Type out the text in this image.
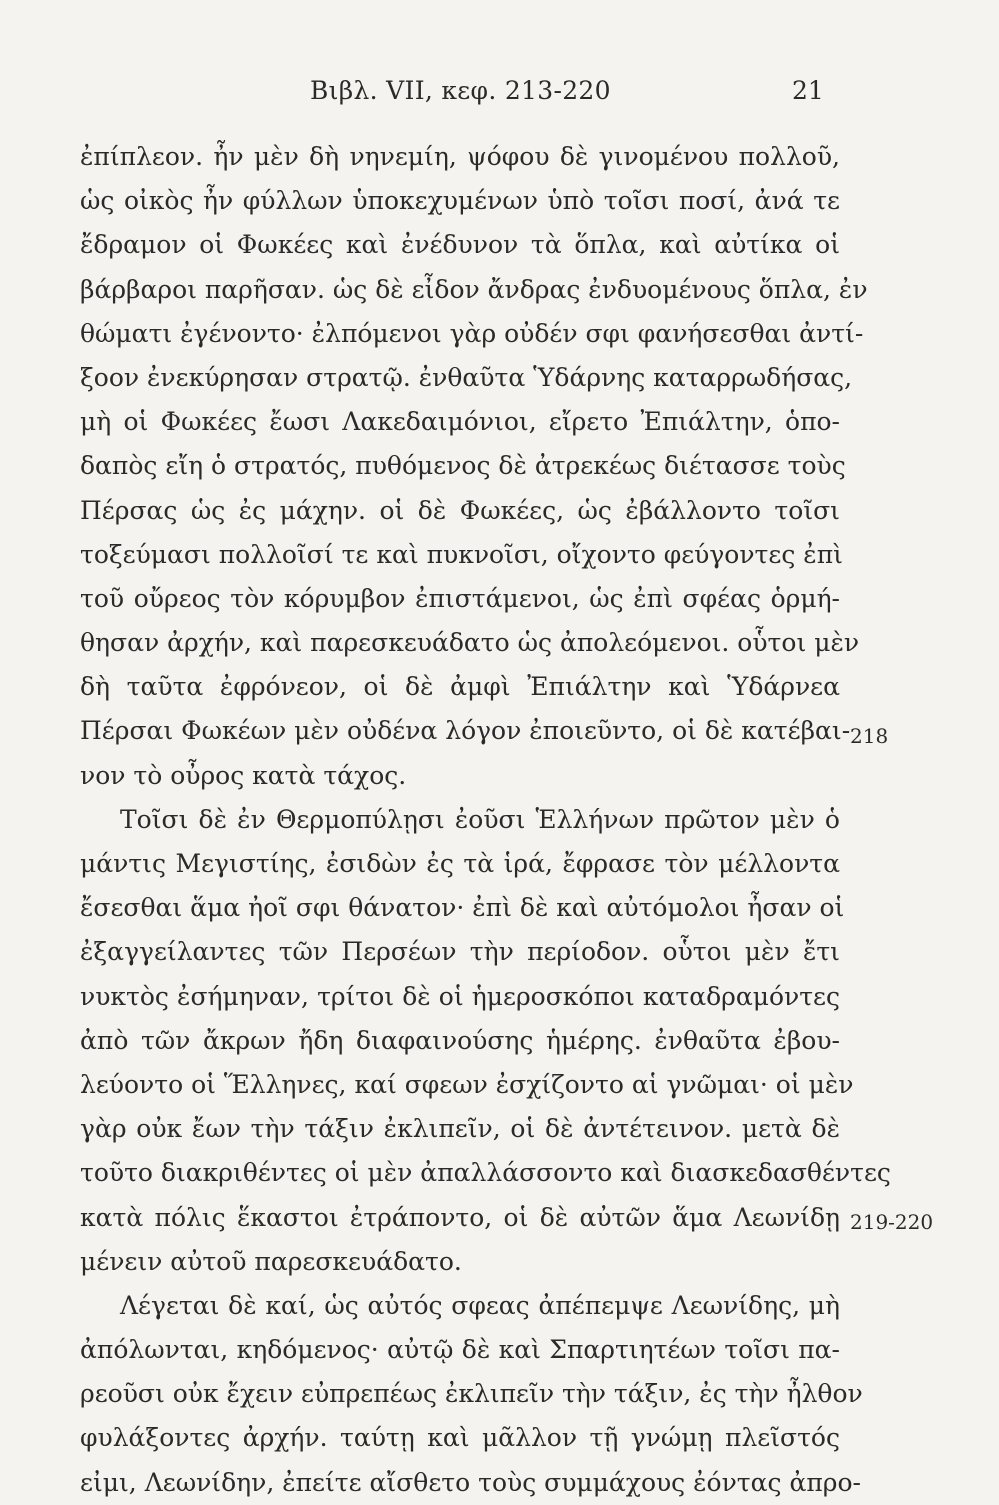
Βιβλ. VII, κεφ. 213-220	21
ἐπίπλεον. ἦν μὲν δὴ νηνεμίη, ψόφου δὲ γινομένου πολλοῦ,
ὡς οἰκὸς ἦν φύλλων ὑποκεχυμένων ὑπὸ τοῖσι ποσί, ἀνά τε
ἔδραμον οἱ Φωκέες καὶ ἐνέδυνον τὰ ὅπλα, καὶ αὐτίκα οἱ
βάρβαροι παρῆσαν. ὡς δὲ εἶδον ἄνδρας ἐνδυομένους ὅπλα, ἐν
θώματι ἐγένοντο· ἐλπόμενοι γὰρ οὐδέν σφι φανήσεσθαι ἀντί-
ξοον ἐνεκύρησαν στρατῷ. ἐνθαῦτα Ὑδάρνης καταρρωδήσας,
μὴ οἱ Φωκέες ἔωσι Λακεδαιμόνιοι, εἴρετο Ἐπιάλτην, ὁπο-
δαπὸς εἴη ὁ στρατός, πυθόμενος δὲ ἀτρεκέως διέτασσε τοὺς
Πέρσας ὡς ἐς μάχην. οἱ δὲ Φωκέες, ὡς ἐβάλλοντο τοῖσι
τοξεύμασι πολλοῖσί τε καὶ πυκνοῖσι, οἴχοντο φεύγοντες ἐπὶ
τοῦ οὔρεος τὸν κόρυμβον ἐπιστάμενοι, ὡς ἐπὶ σφέας ὁρμή-
θησαν ἀρχήν, καὶ παρεσκευάδατο ὡς ἀπολεόμενοι. οὗτοι μὲν
δὴ ταῦτα ἐφρόνεον, οἱ δὲ ἀμφὶ Ἐπιάλτην καὶ Ὑδάρνεα
Πέρσαι Φωκέων μὲν οὐδένα λόγον ἐποιεῦντο, οἱ δὲ κατέβαι-
νον τὸ οὖρος κατὰ τάχος.
Τοῖσι δὲ ἐν Θερμοπύλῃσι ἐοῦσι Ἑλλήνων πρῶτον μὲν ὁ
μάντις Μεγιστίης, ἐσιδὼν ἐς τὰ ἱρά, ἔφρασε τὸν μέλλοντα
ἔσεσθαι ἅμα ἠοῖ σφι θάνατον· ἐπὶ δὲ καὶ αὐτόμολοι ἦσαν οἱ
ἐξαγγείλαντες τῶν Περσέων τὴν περίοδον. οὗτοι μὲν ἔτι
νυκτὸς ἐσήμηναν, τρίτοι δὲ οἱ ἡμεροσκόποι καταδραμόντες
ἀπὸ τῶν ἄκρων ἤδη διαφαινούσης ἡμέρης. ἐνθαῦτα ἐβου-
λεύοντο οἱ Ἕλληνες, καί σφεων ἐσχίζοντο αἱ γνῶμαι· οἱ μὲν
γὰρ οὐκ ἔων τὴν τάξιν ἐκλιπεῖν, οἱ δὲ ἀντέτεινον. μετὰ δὲ
τοῦτο διακριθέντες οἱ μὲν ἀπαλλάσσοντο καὶ διασκεδασθέντες
κατὰ πόλις ἕκαστοι ἐτράποντο, οἱ δὲ αὐτῶν ἅμα Λεωνίδῃ
μένειν αὐτοῦ παρεσκευάδατο.
Λέγεται δὲ καί, ὡς αὐτός σφεας ἀπέπεμψε Λεωνίδης, μὴ
ἀπόλωνται, κηδόμενος· αὐτῷ δὲ καὶ Σπαρτιητέων τοῖσι πα-
ρεοῦσι οὐκ ἔχειν εὐπρεπέως ἐκλιπεῖν τὴν τάξιν, ἐς τὴν ἦλθον
φυλάξοντες ἀρχήν. ταύτῃ καὶ μᾶλλον τῇ γνώμῃ πλεῖστός
εἰμι, Λεωνίδην, ἐπείτε αἴσθετο τοὺς συμμάχους ἐόντας ἀπρο-
218
219-220
